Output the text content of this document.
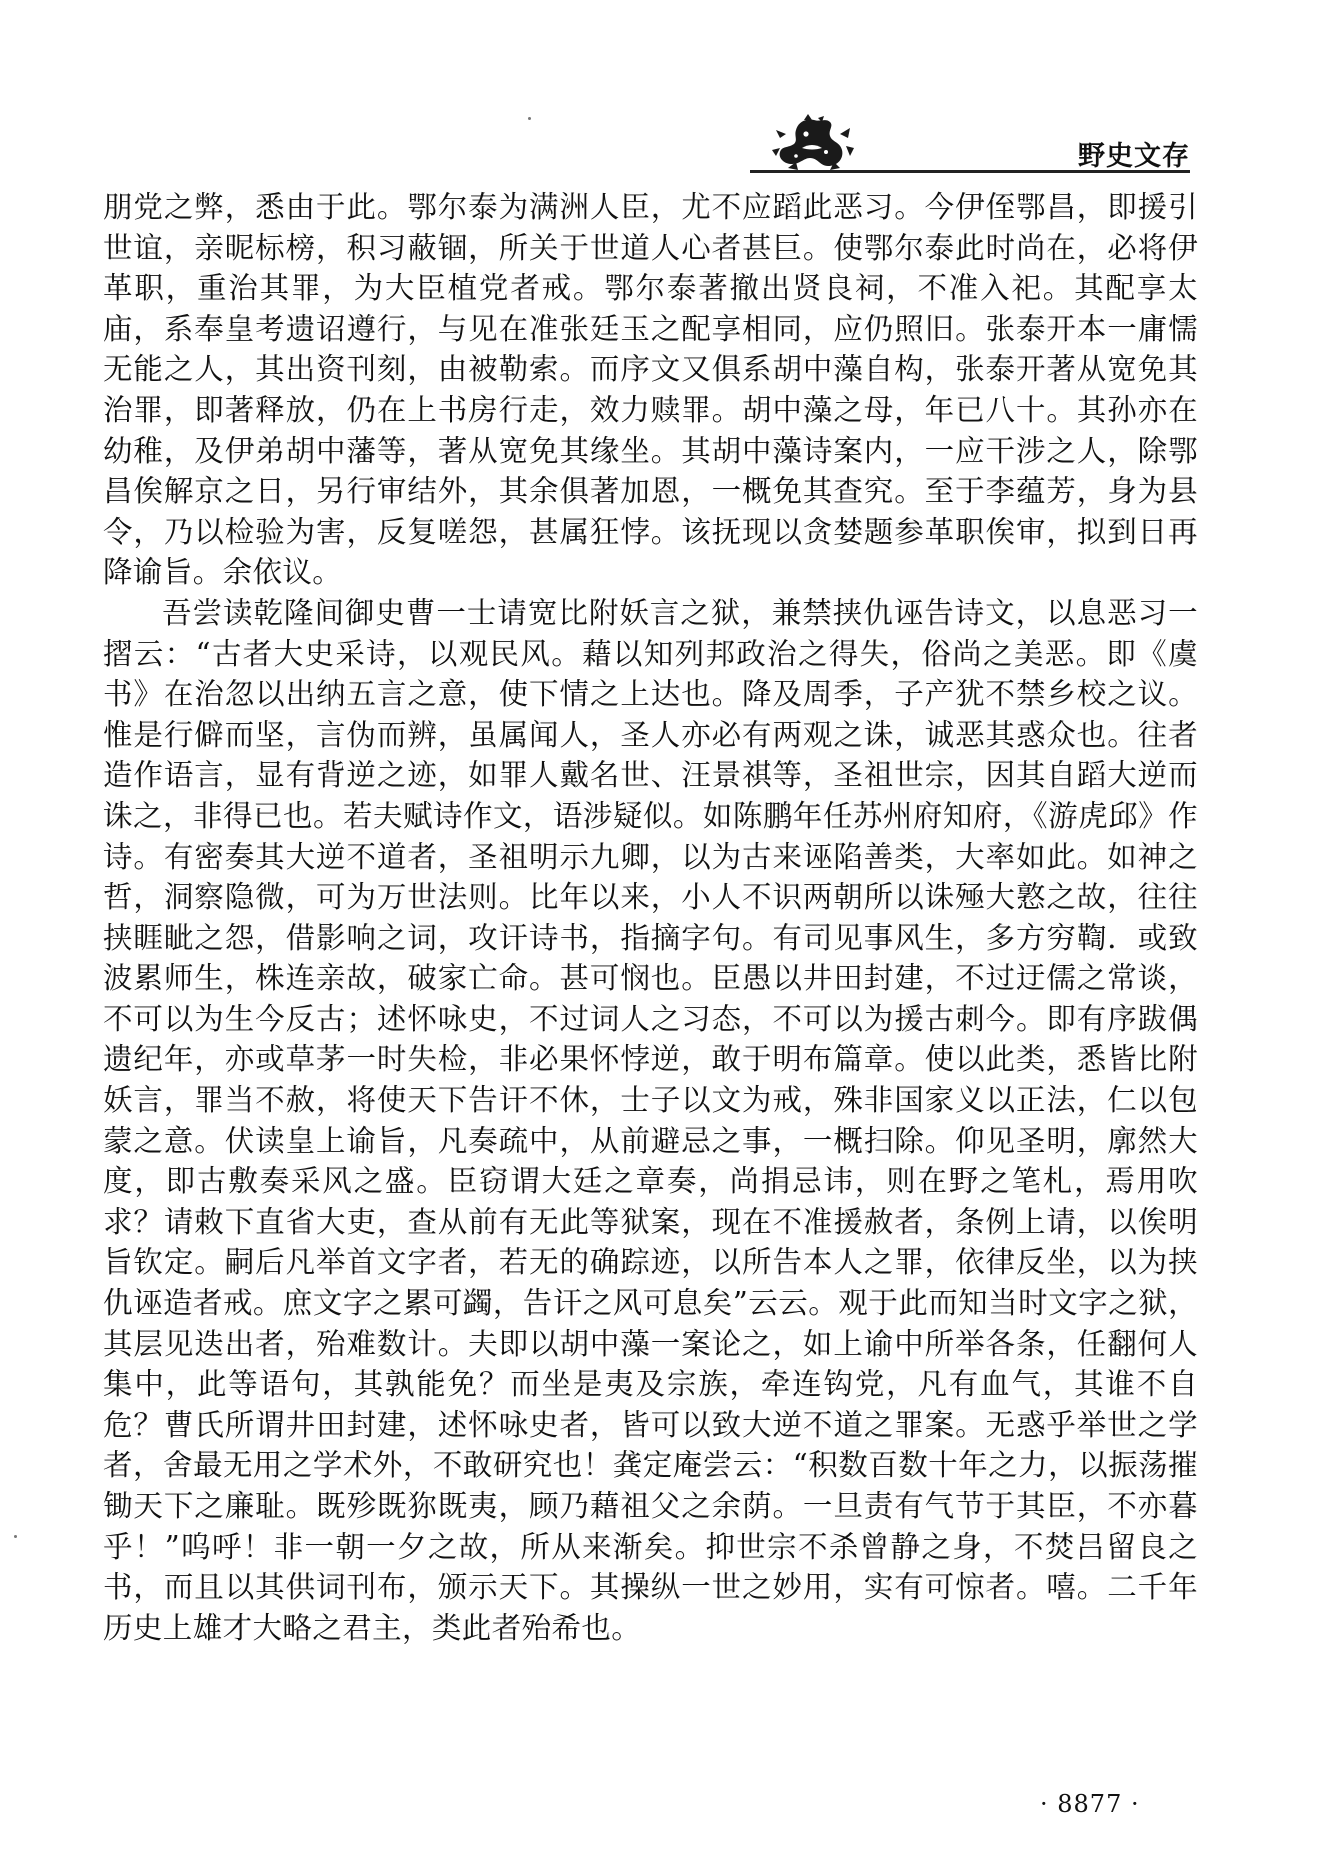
野史文存

朋党之弊，悉由于此。鄂尔泰为满洲人臣，尤不应蹈此恶习。今伊侄鄂昌，即援引世谊，亲昵标榜，积习蔽锢，所关于世道人心者甚巨。使鄂尔泰此时尚在，必将伊革职，重治其罪，为大臣植党者戒。鄂尔泰著撤出贤良祠，不准入祀。其配享太庙，系奉皇考遗诏遵行，与见在准张廷玉之配享相同，应仍照旧。张泰开本一庸懦无能之人，其出资刊刻，由被勒索。而序文又俱系胡中藻自构，张泰开著从宽免其治罪，即著释放，仍在上书房行走，效力赎罪。胡中藻之母，年已八十。其孙亦在幼稚，及伊弟胡中藩等，著从宽免其缘坐。其胡中藻诗案内，一应干涉之人，除鄂昌俟解京之日，另行审结外，其余俱著加恩，一概免其查究。至于李蕴芳，身为县令，乃以检验为害，反复嗟怨，甚属狂悖。该抚现以贪婪题参革职俟审，拟到日再降谕旨。余依议。

吾尝读乾隆间御史曹一士请宽比附妖言之狱，兼禁挟仇诬告诗文，以息恶习一摺云：“古者大史采诗，以观民风。藉以知列邦政治之得失，俗尚之美恶。即《虞书》在治忽以出纳五言之意，使下情之上达也。降及周季，子产犹不禁乡校之议。惟是行僻而坚，言伪而辨，虽属闻人，圣人亦必有两观之诛，诚恶其惑众也。往者造作语言，显有背逆之迹，如罪人戴名世、汪景祺等，圣祖世宗，因其自蹈大逆而诛之，非得已也。若夫赋诗作文，语涉疑似。如陈鹏年任苏州府知府，《游虎邱》作诗。有密奏其大逆不道者，圣祖明示九卿，以为古来诬陷善类，大率如此。如神之哲，洞察隐微，可为万世法则。比年以来，小人不识两朝所以诛殛大憝之故，往往挟睚眦之怨，借影响之词，攻讦诗书，指摘字句。有司见事风生，多方穷鞫．或致波累师生，株连亲故，破家亡命。甚可悯也。臣愚以井田封建，不过迂儒之常谈，不可以为生今反古；述怀咏史，不过词人之习态，不可以为援古刺今。即有序跋偶遗纪年，亦或草茅一时失检，非必果怀悖逆，敢于明布篇章。使以此类，悉皆比附妖言，罪当不赦，将使天下告讦不休，士子以文为戒，殊非国家义以正法，仁以包蒙之意。伏读皇上谕旨，凡奏疏中，从前避忌之事，一概扫除。仰见圣明，廓然大度，即古敷奏采风之盛。臣窃谓大廷之章奏，尚捐忌讳，则在野之笔札，焉用吹求？请敕下直省大吏，查从前有无此等狱案，现在不准援赦者，条例上请，以俟明旨钦定。嗣后凡举首文字者，若无的确踪迹，以所告本人之罪，依律反坐，以为挟仇诬造者戒。庶文字之累可蠲，告讦之风可息矣”云云。观于此而知当时文字之狱，其层见迭出者，殆难数计。夫即以胡中藻一案论之，如上谕中所举各条，任翻何人集中，此等语句，其孰能免？而坐是夷及宗族，牵连钩党，凡有血气，其谁不自危？曹氏所谓井田封建，述怀咏史者，皆可以致大逆不道之罪案。无惑乎举世之学者，舍最无用之学术外，不敢研究也！龚定庵尝云：“积数百数十年之力，以振荡摧锄天下之廉耻。既殄既狝既夷，顾乃藉祖父之余荫。一旦责有气节于其臣，不亦暮乎！”呜呼！非一朝一夕之故，所从来渐矣。抑世宗不杀曾静之身，不焚吕留良之书，而且以其供词刊布，颁示天下。其操纵一世之妙用，实有可惊者。嘻。二千年历史上雄才大略之君主，类此者殆希也。

· 8877 ·
